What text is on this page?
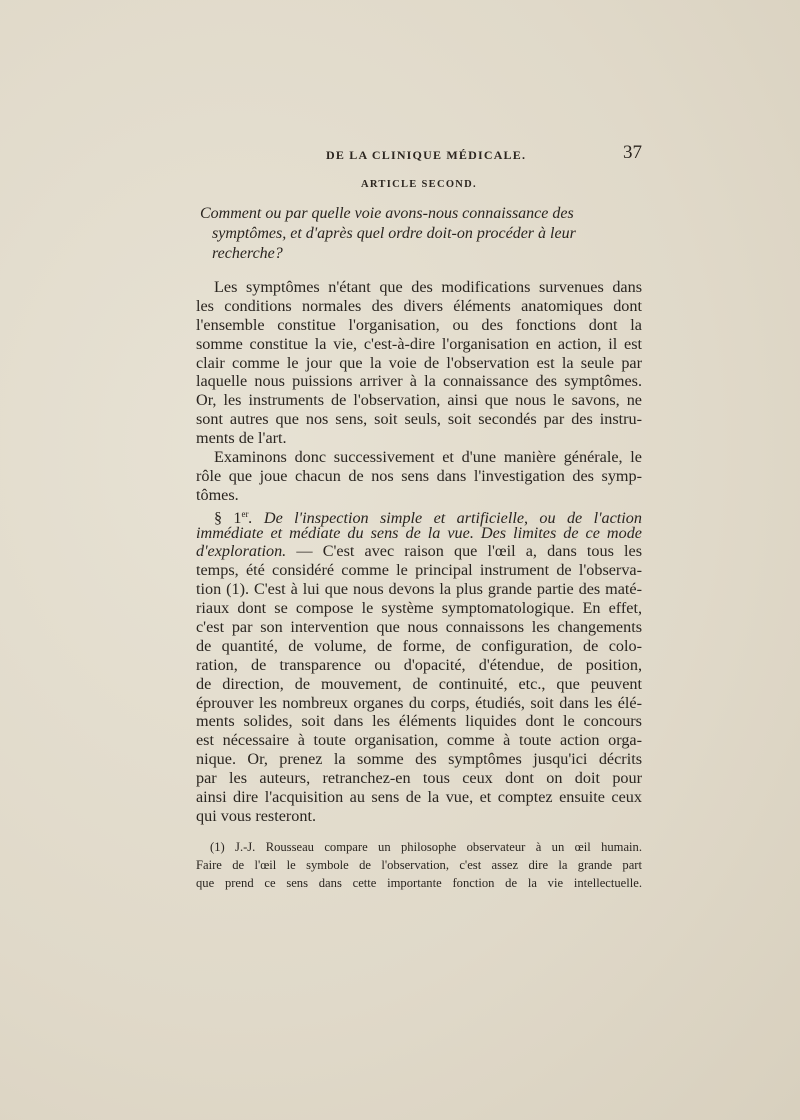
DE LA CLINIQUE MÉDICALE.	37
ARTICLE SECOND.
Comment ou par quelle voie avons-nous connaissance des
symptômes, et d'après quel ordre doit-on procéder à leur
recherche?
Les symptômes n'étant que des modifications survenues dans
les conditions normales des divers éléments anatomiques dont
l'ensemble constitue l'organisation, ou des fonctions dont la
somme constitue la vie, c'est-à-dire l'organisation en action, il est
clair comme le jour que la voie de l'observation est la seule par
laquelle nous puissions arriver à la connaissance des symptômes.
Or, les instruments de l'observation, ainsi que nous le savons, ne
sont autres que nos sens, soit seuls, soit secondés par des instru-
ments de l'art.
Examinons donc successivement et d'une manière générale, le
rôle que joue chacun de nos sens dans l'investigation des symp-
tômes.
§ 1er. De l'inspection simple et artificielle, ou de l'action
immédiate et médiate du sens de la vue. Des limites de ce mode
d'exploration. — C'est avec raison que l'œil a, dans tous les
temps, été considéré comme le principal instrument de l'observa-
tion (1). C'est à lui que nous devons la plus grande partie des maté-
riaux dont se compose le système symptomatologique. En effet,
c'est par son intervention que nous connaissons les changements
de quantité, de volume, de forme, de configuration, de colo-
ration, de transparence ou d'opacité, d'étendue, de position,
de direction, de mouvement, de continuité, etc., que peuvent
éprouver les nombreux organes du corps, étudiés, soit dans les élé-
ments solides, soit dans les éléments liquides dont le concours
est nécessaire à toute organisation, comme à toute action orga-
nique. Or, prenez la somme des symptômes jusqu'ici décrits
par les auteurs, retranchez-en tous ceux dont on doit pour
ainsi dire l'acquisition au sens de la vue, et comptez ensuite ceux
qui vous resteront.
(1) J.-J. Rousseau compare un philosophe observateur à un œil humain.
Faire de l'œil le symbole de l'observation, c'est assez dire la grande part
que prend ce sens dans cette importante fonction de la vie intellectuelle.
